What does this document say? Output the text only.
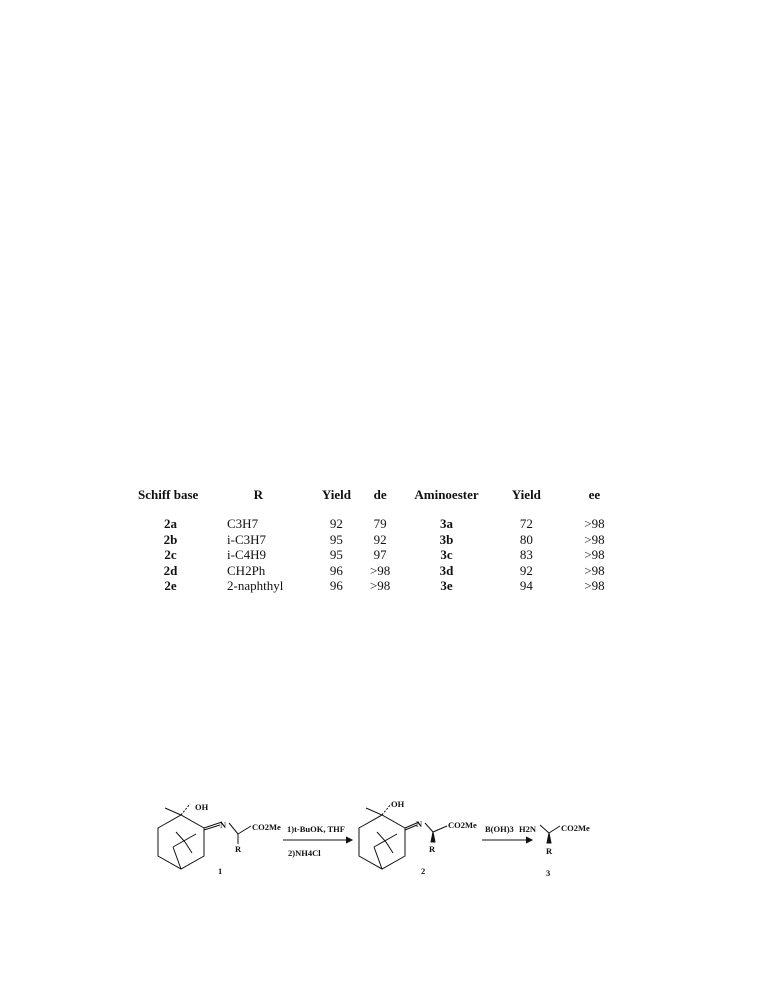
Schiff base	R	Yield	de	Aminoester	Yield	ee
2a	C3H7	92	79	3a	72	>98
2b	i-C3H7	95	92	3b	80	>98
2c	i-C4H9	95	97	3c	83	>98
2d	CH2Ph	96	>98	3d	92	>98
2e	2-naphthyl	96	>98	3e	94	>98
OH
N	CO2Me
R
1
1)t-BuOK, THF
2)NH4Cl
OH
N	CO2Me
R
2
B(OH)3 H2N	CO2Me
R
3
